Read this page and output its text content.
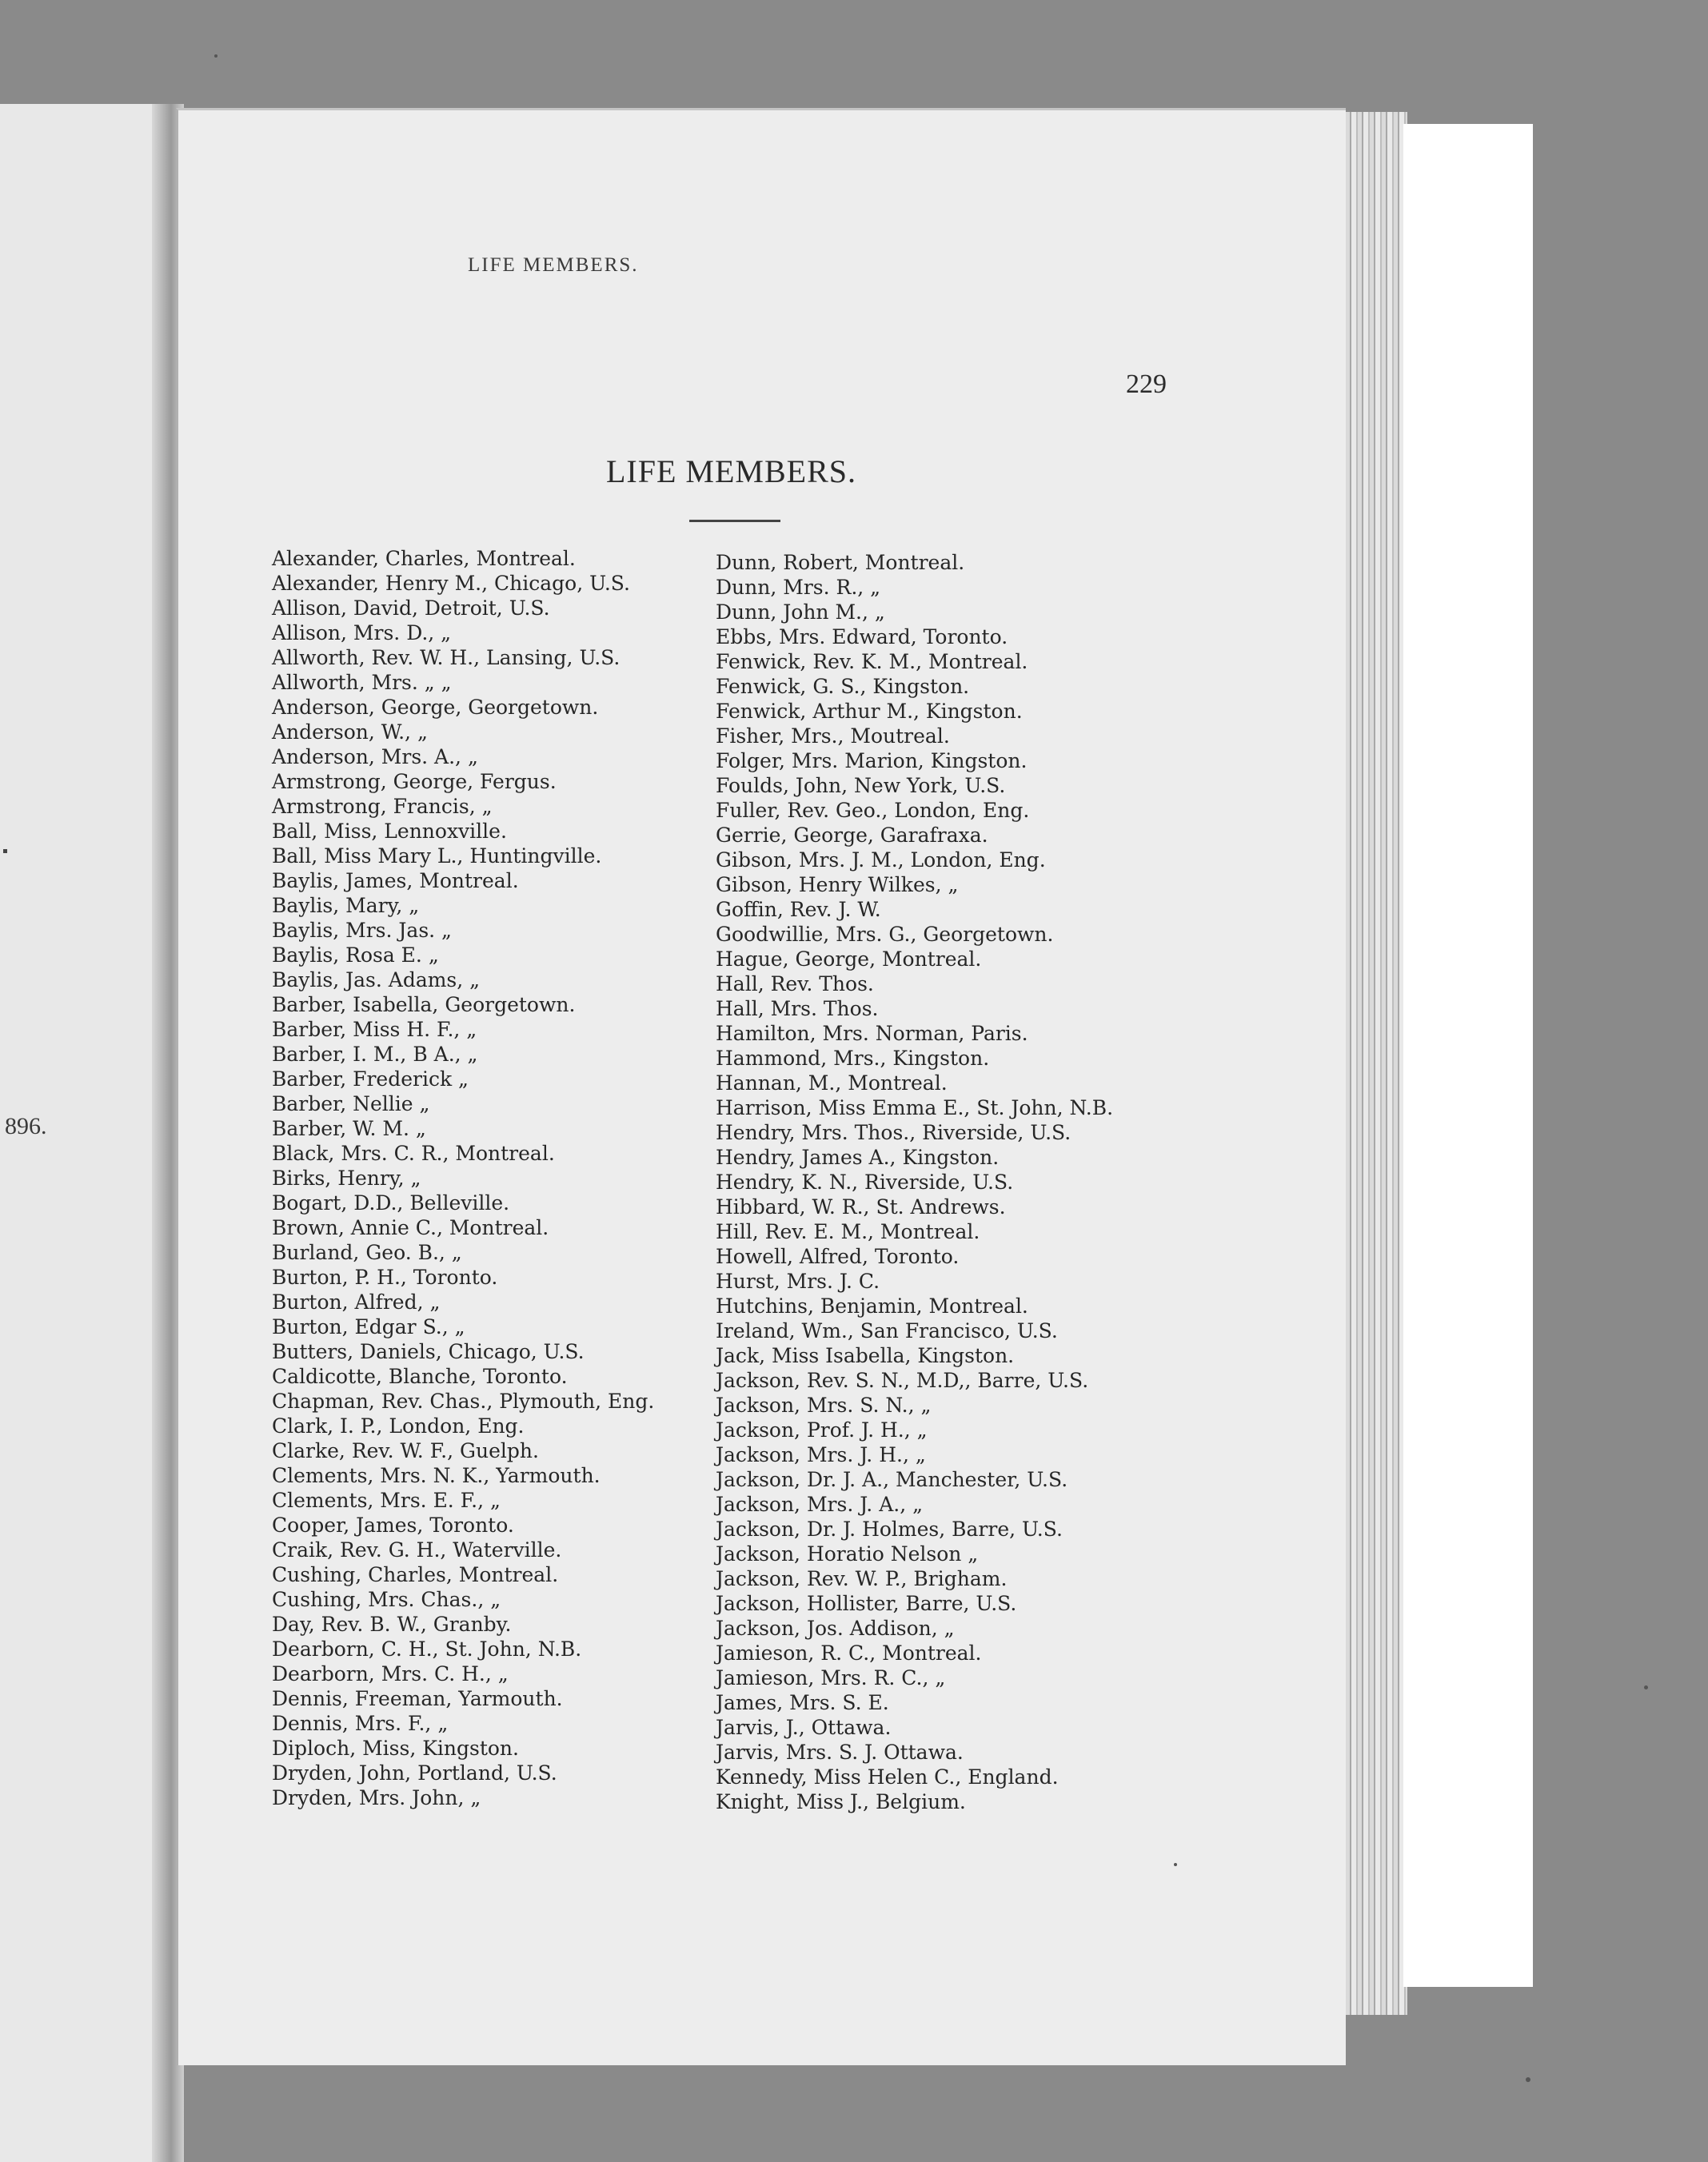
896.
LIFE MEMBERS.
229
LIFE MEMBERS.
Alexander, Charles, Montreal.
Alexander, Henry M., Chicago, U.S.
Allison, David, Detroit, U.S.
Allison, Mrs. D., „
Allworth, Rev. W. H., Lansing, U.S.
Allworth, Mrs. „ „
Anderson, George, Georgetown.
Anderson, W., „
Anderson, Mrs. A., „
Armstrong, George, Fergus.
Armstrong, Francis, „
Ball, Miss, Lennoxville.
Ball, Miss Mary L., Huntingville.
Baylis, James, Montreal.
Baylis, Mary, „
Baylis, Mrs. Jas. „
Baylis, Rosa E. „
Baylis, Jas. Adams, „
Barber, Isabella, Georgetown.
Barber, Miss H. F., „
Barber, I. M., B A., „
Barber, Frederick „
Barber, Nellie „
Barber, W. M. „
Black, Mrs. C. R., Montreal.
Birks, Henry, „
Bogart, D.D., Belleville.
Brown, Annie C., Montreal.
Burland, Geo. B., „
Burton, P. H., Toronto.
Burton, Alfred, „
Burton, Edgar S., „
Butters, Daniels, Chicago, U.S.
Caldicotte, Blanche, Toronto.
Chapman, Rev. Chas., Plymouth, Eng.
Clark, I. P., London, Eng.
Clarke, Rev. W. F., Guelph.
Clements, Mrs. N. K., Yarmouth.
Clements, Mrs. E. F., „
Cooper, James, Toronto.
Craik, Rev. G. H., Waterville.
Cushing, Charles, Montreal.
Cushing, Mrs. Chas., „
Day, Rev. B. W., Granby.
Dearborn, C. H., St. John, N.B.
Dearborn, Mrs. C. H., „
Dennis, Freeman, Yarmouth.
Dennis, Mrs. F., „
Diploch, Miss, Kingston.
Dryden, John, Portland, U.S.
Dryden, Mrs. John, „
Dunn, Robert, Montreal.
Dunn, Mrs. R., „
Dunn, John M., „
Ebbs, Mrs. Edward, Toronto.
Fenwick, Rev. K. M., Montreal.
Fenwick, G. S., Kingston.
Fenwick, Arthur M., Kingston.
Fisher, Mrs., Moutreal.
Folger, Mrs. Marion, Kingston.
Foulds, John, New York, U.S.
Fuller, Rev. Geo., London, Eng.
Gerrie, George, Garafraxa.
Gibson, Mrs. J. M., London, Eng.
Gibson, Henry Wilkes, „
Goffin, Rev. J. W.
Goodwillie, Mrs. G., Georgetown.
Hague, George, Montreal.
Hall, Rev. Thos.
Hall, Mrs. Thos.
Hamilton, Mrs. Norman, Paris.
Hammond, Mrs., Kingston.
Hannan, M., Montreal.
Harrison, Miss Emma E., St. John, N.B.
Hendry, Mrs. Thos., Riverside, U.S.
Hendry, James A., Kingston.
Hendry, K. N., Riverside, U.S.
Hibbard, W. R., St. Andrews.
Hill, Rev. E. M., Montreal.
Howell, Alfred, Toronto.
Hurst, Mrs. J. C.
Hutchins, Benjamin, Montreal.
Ireland, Wm., San Francisco, U.S.
Jack, Miss Isabella, Kingston.
Jackson, Rev. S. N., M.D,, Barre, U.S.
Jackson, Mrs. S. N., „
Jackson, Prof. J. H., „
Jackson, Mrs. J. H., „
Jackson, Dr. J. A., Manchester, U.S.
Jackson, Mrs. J. A., „
Jackson, Dr. J. Holmes, Barre, U.S.
Jackson, Horatio Nelson „
Jackson, Rev. W. P., Brigham.
Jackson, Hollister, Barre, U.S.
Jackson, Jos. Addison, „
Jamieson, R. C., Montreal.
Jamieson, Mrs. R. C., „
James, Mrs. S. E.
Jarvis, J., Ottawa.
Jarvis, Mrs. S. J. Ottawa.
Kennedy, Miss Helen C., England.
Knight, Miss J., Belgium.
